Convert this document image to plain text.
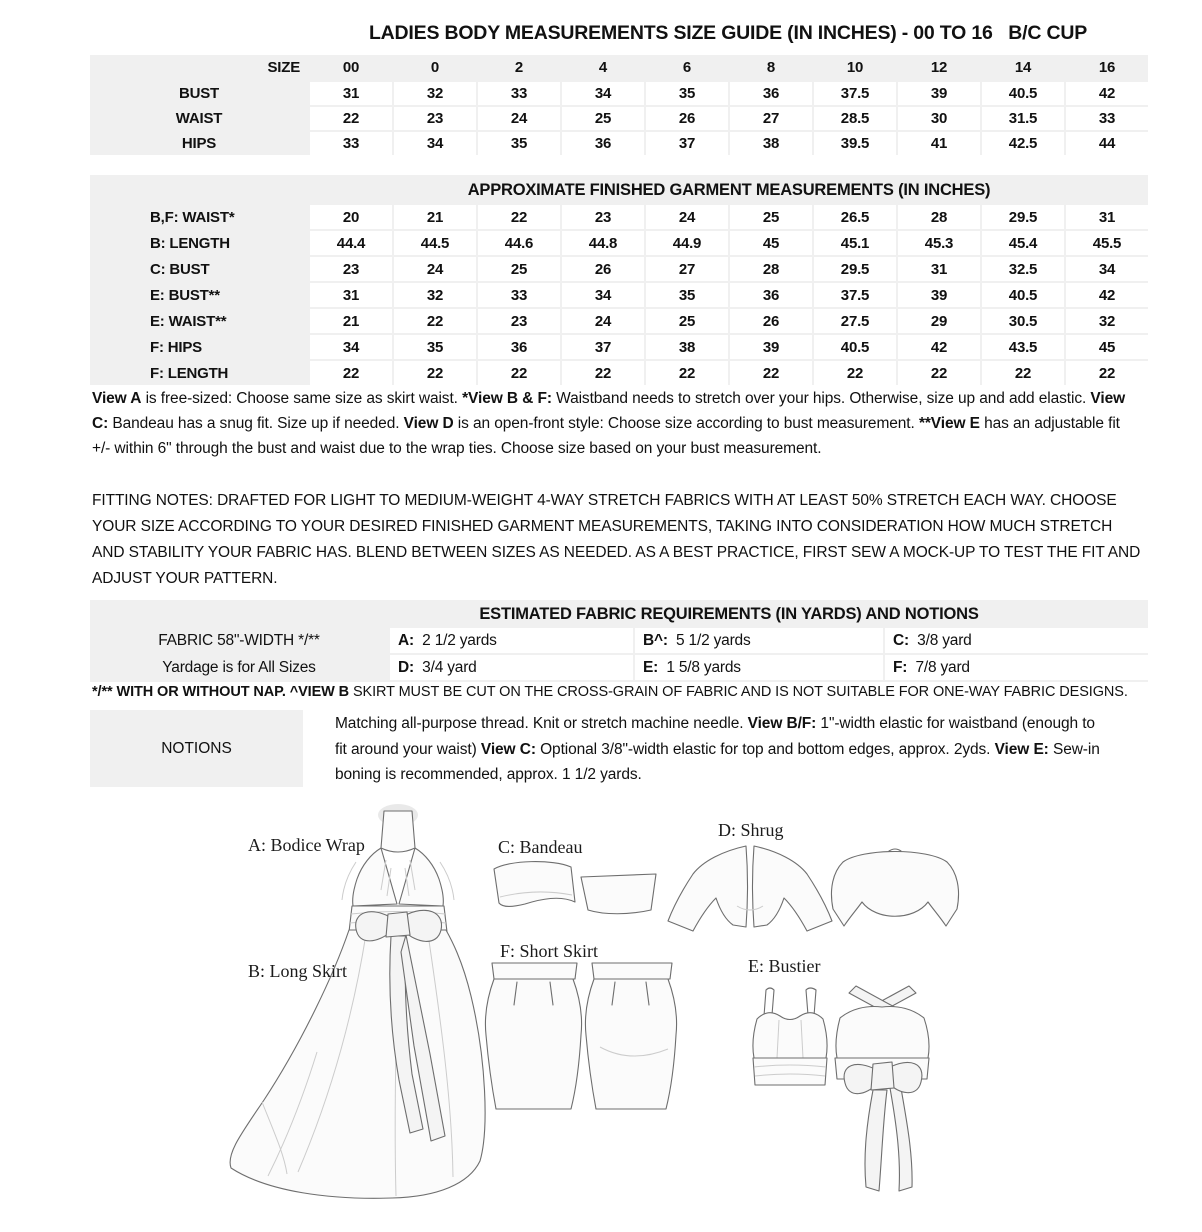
LADIES BODY MEASUREMENTS SIZE GUIDE (IN INCHES) - 00 TO 16   B/C CUP
SIZE	00	0	2	4	6	8	10	12	14	16
BUST	31	32	33	34	35	36	37.5	39	40.5	42
WAIST	22	23	24	25	26	27	28.5	30	31.5	33
HIPS	33	34	35	36	37	38	39.5	41	42.5	44
APPROXIMATE FINISHED GARMENT MEASUREMENTS (IN INCHES)
B,F: WAIST*	20	21	22	23	24	25	26.5	28	29.5	31
B: LENGTH	44.4	44.5	44.6	44.8	44.9	45	45.1	45.3	45.4	45.5
C: BUST	23	24	25	26	27	28	29.5	31	32.5	34
E: BUST**	31	32	33	34	35	36	37.5	39	40.5	42
E: WAIST**	21	22	23	24	25	26	27.5	29	30.5	32
F: HIPS	34	35	36	37	38	39	40.5	42	43.5	45
F: LENGTH	22	22	22	22	22	22	22	22	22	22

View A is free-sized: Choose same size as skirt waist. *View B & F: Waistband needs to stretch over your hips. Otherwise, size up and add elastic. View C: Bandeau has a snug fit. Size up if needed. View D is an open-front style: Choose size according to bust measurement. **View E has an adjustable fit +/- within 6" through the bust and waist due to the wrap ties. Choose size based on your bust measurement.

FITTING NOTES: DRAFTED FOR LIGHT TO MEDIUM-WEIGHT 4-WAY STRETCH FABRICS WITH AT LEAST 50% STRETCH EACH WAY. CHOOSE YOUR SIZE ACCORDING TO YOUR DESIRED FINISHED GARMENT MEASUREMENTS, TAKING INTO CONSIDERATION HOW MUCH STRETCH AND STABILITY YOUR FABRIC HAS. BLEND BETWEEN SIZES AS NEEDED. AS A BEST PRACTICE, FIRST SEW A MOCK-UP TO TEST THE FIT AND ADJUST YOUR PATTERN.

ESTIMATED FABRIC REQUIREMENTS (IN YARDS) AND NOTIONS
FABRIC 58"-WIDTH */**	A: 2 1/2 yards	B^: 5 1/2 yards	C: 3/8 yard
Yardage is for All Sizes	D: 3/4 yard	E: 1 5/8 yards	F: 7/8 yard

*/** WITH OR WITHOUT NAP. ^VIEW B SKIRT MUST BE CUT ON THE CROSS-GRAIN OF FABRIC AND IS NOT SUITABLE FOR ONE-WAY FABRIC DESIGNS.

NOTIONS

Matching all-purpose thread. Knit or stretch machine needle. View B/F: 1"-width elastic for waistband (enough to fit around your waist) View C: Optional 3/8"-width elastic for top and bottom edges, approx. 2yds. View E: Sew-in boning is recommended, approx. 1 1/2 yards.

A: Bodice Wrap
B: Long Skirt
C: Bandeau
D: Shrug
E: Bustier
F: Short Skirt
